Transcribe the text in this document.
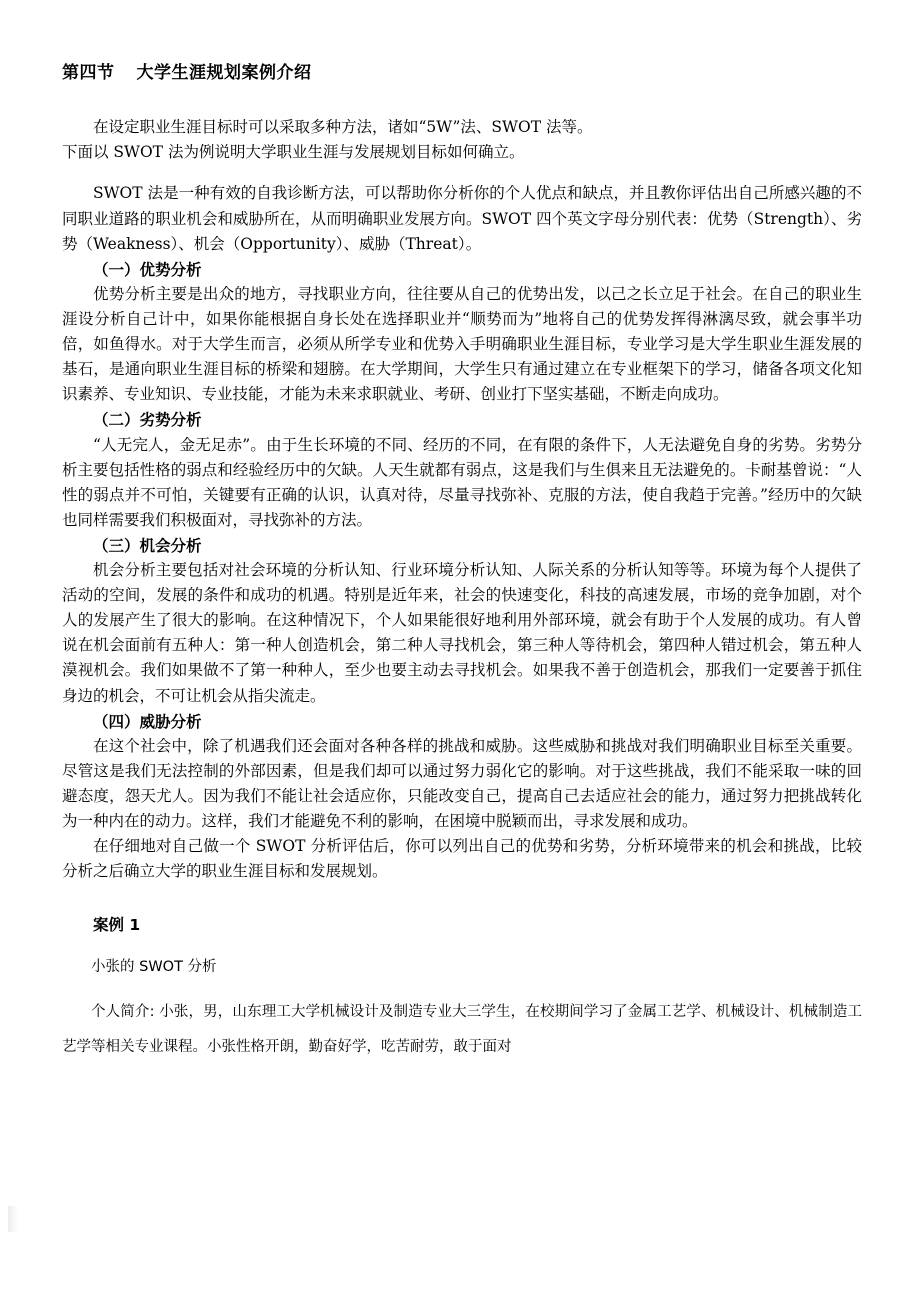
第四节 大学生涯规划案例介绍

在设定职业生涯目标时可以采取多种方法，诸如“5W”法、SWOT 法等。

下面以 SWOT 法为例说明大学职业生涯与发展规划目标如何确立。

SWOT 法是一种有效的自我诊断方法，可以帮助你分析你的个人优点和缺点，并且教你评估出自己所感兴趣的不同职业道路的职业机会和威胁所在，从而明确职业发展方向。SWOT 四个英文字母分别代表：优势（Strength）、劣势（Weakness）、机会（Opportunity）、威胁（Threat）。

（一）优势分析

优势分析主要是出众的地方，寻找职业方向，往往要从自己的优势出发，以己之长立足于社会。在自己的职业生涯设分析自己计中，如果你能根据自身长处在选择职业并“顺势而为”地将自己的优势发挥得淋漓尽致，就会事半功倍，如鱼得水。对于大学生而言，必须从所学专业和优势入手明确职业生涯目标，专业学习是大学生职业生涯发展的基石，是通向职业生涯目标的桥梁和翅膀。在大学期间，大学生只有通过建立在专业框架下的学习，储备各项文化知识素养、专业知识、专业技能，才能为未来求职就业、考研、创业打下坚实基础，不断走向成功。

（二）劣势分析

“人无完人，金无足赤”。由于生长环境的不同、经历的不同，在有限的条件下，人无法避免自身的劣势。劣势分析主要包括性格的弱点和经验经历中的欠缺。人天生就都有弱点，这是我们与生俱来且无法避免的。卡耐基曾说：“人性的弱点并不可怕，关键要有正确的认识，认真对待，尽量寻找弥补、克服的方法，使自我趋于完善。”经历中的欠缺也同样需要我们积极面对，寻找弥补的方法。

（三）机会分析

机会分析主要包括对社会环境的分析认知、行业环境分析认知、人际关系的分析认知等等。环境为每个人提供了活动的空间，发展的条件和成功的机遇。特别是近年来，社会的快速变化，科技的高速发展，市场的竞争加剧，对个人的发展产生了很大的影响。在这种情况下，个人如果能很好地利用外部环境，就会有助于个人发展的成功。有人曾说在机会面前有五种人：第一种人创造机会，第二种人寻找机会，第三种人等待机会，第四种人错过机会，第五种人漠视机会。我们如果做不了第一种种人，至少也要主动去寻找机会。如果我不善于创造机会，那我们一定要善于抓住身边的机会，不可让机会从指尖流走。

（四）威胁分析

在这个社会中，除了机遇我们还会面对各种各样的挑战和威胁。这些威胁和挑战对我们明确职业目标至关重要。尽管这是我们无法控制的外部因素，但是我们却可以通过努力弱化它的影响。对于这些挑战，我们不能采取一味的回避态度，怨天尤人。因为我们不能让社会适应你，只能改变自己，提高自己去适应社会的能力，通过努力把挑战转化为一种内在的动力。这样，我们才能避免不利的影响，在困境中脱颖而出，寻求发展和成功。

在仔细地对自己做一个 SWOT 分析评估后，你可以列出自己的优势和劣势，分析环境带来的机会和挑战，比较分析之后确立大学的职业生涯目标和发展规划。

案例 1

小张的 SWOT 分析

个人简介: 小张，男，山东理工大学机械设计及制造专业大三学生，在校期间学习了金属工艺学、机械设计、机械制造工艺学等相关专业课程。小张性格开朗，勤奋好学，吃苦耐劳，敢于面对
